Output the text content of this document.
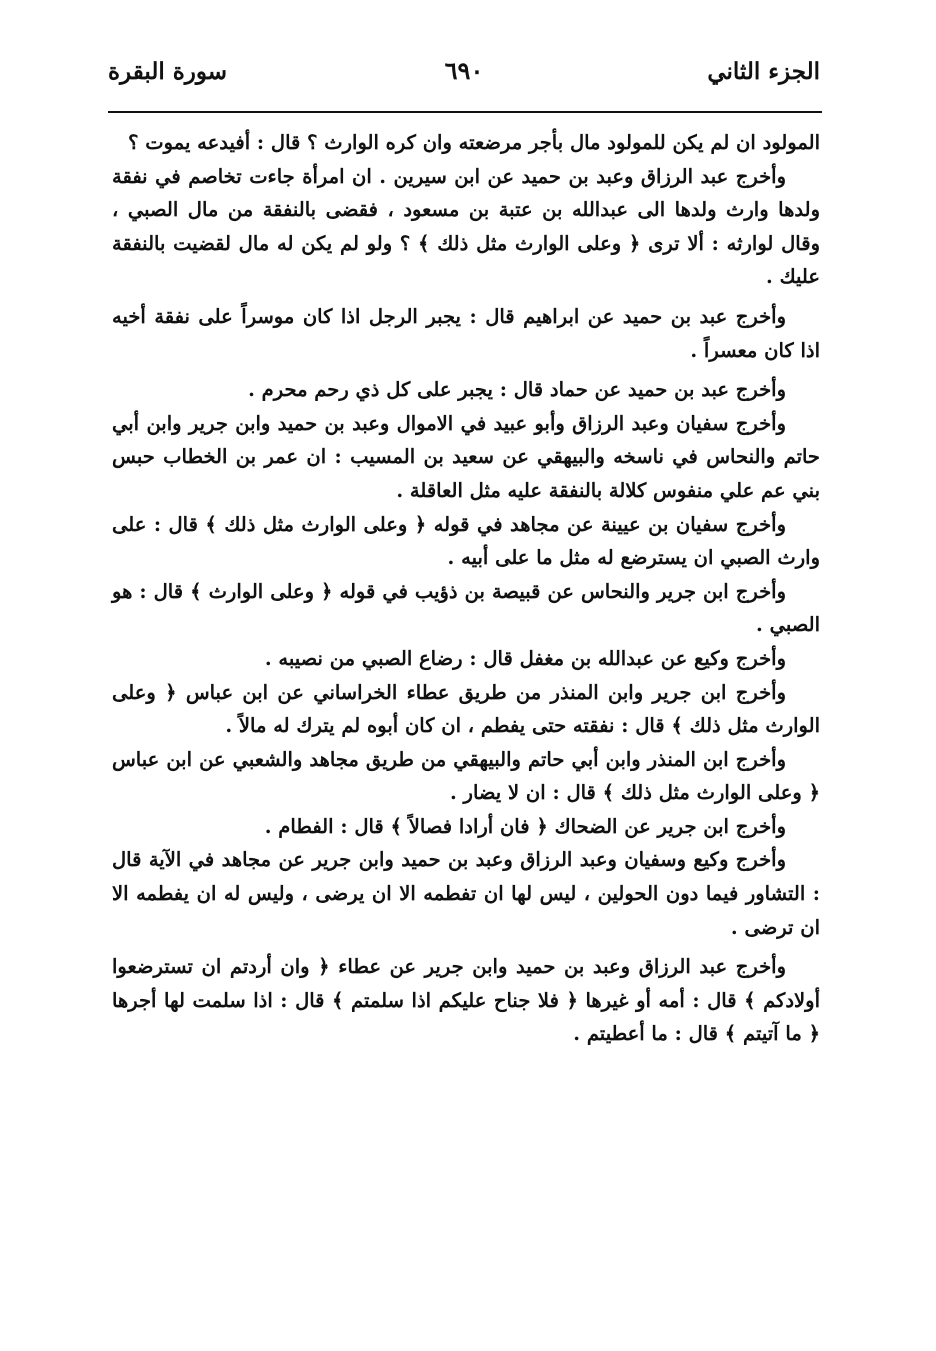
الجزء الثاني
٦٩٠
سورة البقرة

المولود ان لم يكن للمولود مال بأجر مرضعته وان كره الوارث ؟ قال : أفيدعه يموت ؟

وأخرج عبد الرزاق وعبد بن حميد عن ابن سيرين . ان امرأة جاءت تخاصم في نفقة ولدها وارث ولدها الى عبدالله بن عتبة بن مسعود ، فقضى بالنفقة من مال الصبي ، وقال لوارثه : ألا ترى ﴿ وعلى الوارث مثل ذلك ﴾ ؟ ولو لم يكن له مال لقضيت بالنفقة عليك .

وأخرج عبد بن حميد عن ابراهيم قال : يجبر الرجل اذا كان موسراً على نفقة أخيه اذا كان معسراً .

وأخرج عبد بن حميد عن حماد قال : يجبر على كل ذي رحم محرم .

وأخرج سفيان وعبد الرزاق وأبو عبيد في الاموال وعبد بن حميد وابن جرير وابن أبي حاتم والنحاس في ناسخه والبيهقي عن سعيد بن المسيب : ان عمر بن الخطاب حبس بني عم علي منفوس كلالة بالنفقة عليه مثل العاقلة .

وأخرج سفيان بن عيينة عن مجاهد في قوله ﴿ وعلى الوارث مثل ذلك ﴾ قال : على وارث الصبي ان يسترضع له مثل ما على أبيه .

وأخرج ابن جرير والنحاس عن قبيصة بن ذؤيب في قوله ﴿ وعلى الوارث ﴾ قال : هو الصبي .

وأخرج وكيع عن عبدالله بن مغفل قال : رضاع الصبي من نصيبه .

وأخرج ابن جرير وابن المنذر من طريق عطاء الخراساني عن ابن عباس ﴿ وعلى الوارث مثل ذلك ﴾ قال : نفقته حتى يفطم ، ان كان أبوه لم يترك له مالاً .

وأخرج ابن المنذر وابن أبي حاتم والبيهقي من طريق مجاهد والشعبي عن ابن عباس ﴿ وعلى الوارث مثل ذلك ﴾ قال : ان لا يضار .

وأخرج ابن جرير عن الضحاك ﴿ فان أرادا فصالاً ﴾ قال : الفطام .

وأخرج وكيع وسفيان وعبد الرزاق وعبد بن حميد وابن جرير عن مجاهد في الآية قال : التشاور فيما دون الحولين ، ليس لها ان تفطمه الا ان يرضى ، وليس له ان يفطمه الا ان ترضى .

وأخرج عبد الرزاق وعبد بن حميد وابن جرير عن عطاء ﴿ وان أردتم ان تسترضعوا أولادكم ﴾ قال : أمه أو غيرها ﴿ فلا جناح عليكم اذا سلمتم ﴾ قال : اذا سلمت لها أجرها ﴿ ما آتيتم ﴾ قال : ما أعطيتم .
